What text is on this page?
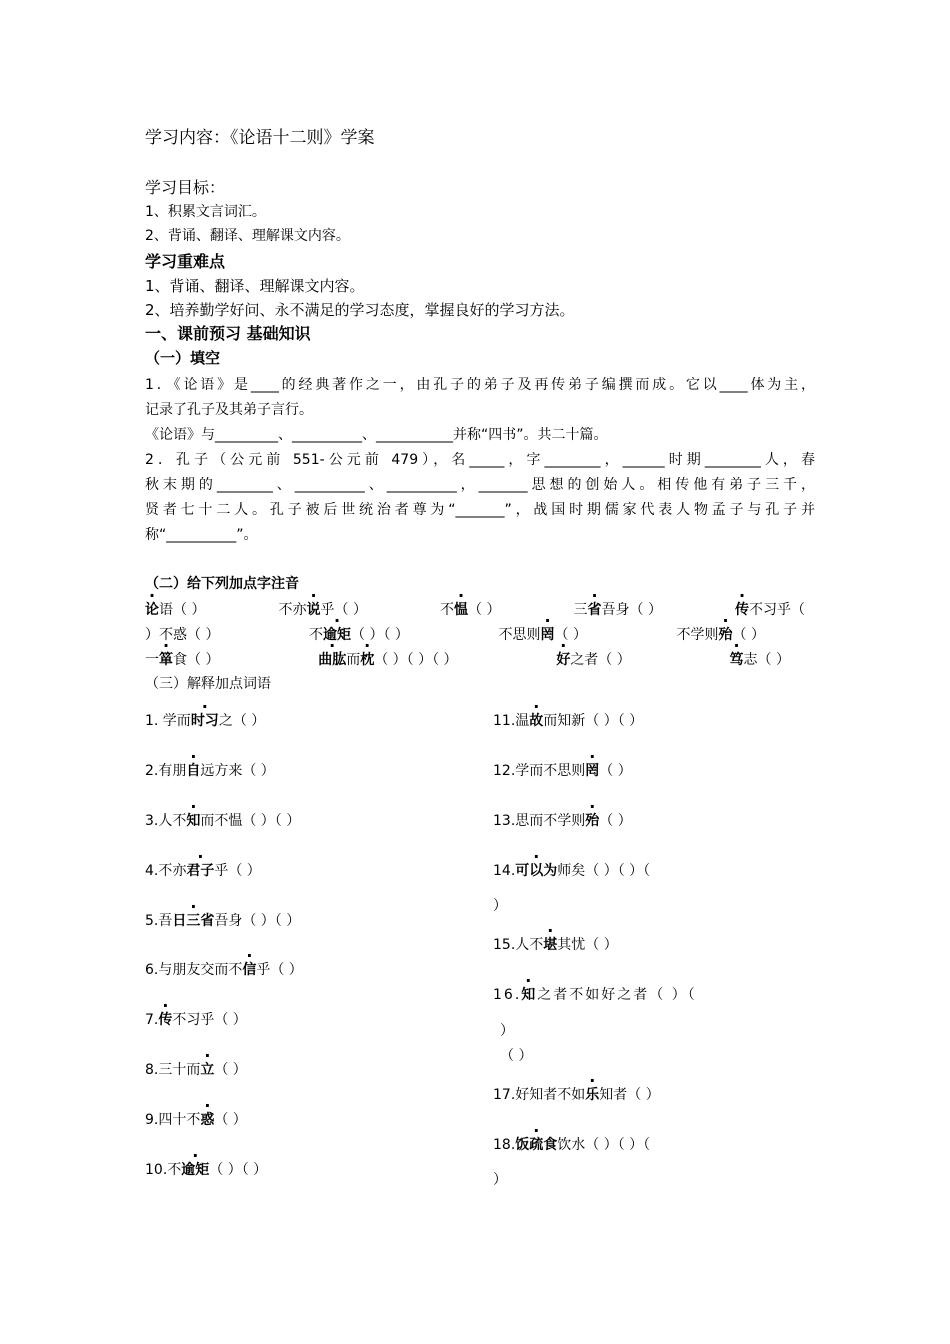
学习内容：《论语十二则》学案
学习目标：
1、积累文言词汇。
2、背诵、翻译、理解课文内容。
学习重难点
1、背诵、翻译、理解课文内容。
2、培养勤学好问、永不满足的学习态度，掌握良好的学习方法。
一、课前预习 基础知识
（一）填空
1．《论语》是____的经典著作之一，由孔子的弟子及再传弟子编撰而成。它以____体为主，
记录了孔子及其弟子言行。
《论语》与_________、__________、___________并称“四书”。共二十篇。
2．孔子（公元前 551-公元前 479），名_____，字________，______时期________人，春
秋末期的________、__________、__________，_______思想的创始人。相传他有弟子三千，
贤者七十二人。孔子被后世统治者尊为“_______”，战国时期儒家代表人物孟子与孔子并
称“__________”。
（二）给下列加点字注音
论语（ ）	不亦说乎（ ）	不愠（ ）	三省吾身（ ）	传不习乎（
）不惑（ ）	不逾矩（ ）（ ）	不思则罔（ ）	不学则殆（ ）
一箪食（ ）	曲肱而枕（ ）（ ）（ ）	好之者（ ）	笃志（ ）
（三）解释加点词语
1. 学而时习之（ ）
2.有朋自远方来（ ）
3.人不知而不愠（ ）（ ）
4.不亦君子乎（ ）
5.吾日三省吾身（ ）（ ）
6.与朋友交而不信乎（ ）
7.传不习乎（ ）
8.三十而立（ ）
9.四十不惑（ ）
10.不逾矩（ ）（ ）
11.温故而知新（ ）（ ）
12.学而不思则罔（ ）
13.思而不学则殆（ ）
14.可以为师矣（ ）（ ）（
）
15.人不堪其忧（ ）
16.知之者不如好之者（ ）（
）
（ ）
17.好知者不如乐知者（ ）
18.饭疏食饮水（ ）（ ）（
）
